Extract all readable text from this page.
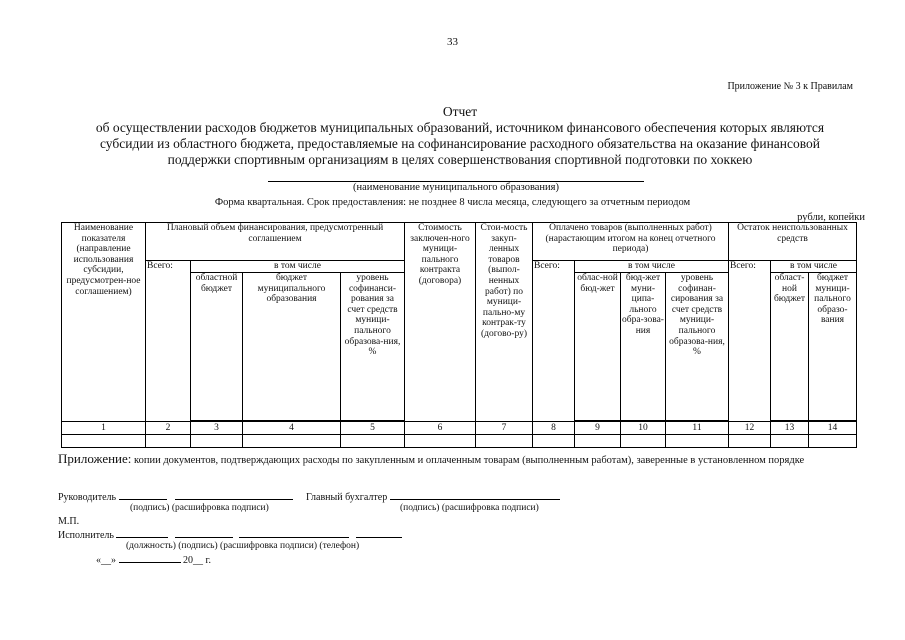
33
Приложение № 3 к Правилам
Отчет
об осуществлении расходов бюджетов муниципальных образований, источником финансового обеспечения которых являются
субсидии из областного бюджета, предоставляемые на софинансирование расходного обязательства на оказание финансовой
поддержки спортивным организациям в целях совершенствования спортивной подготовки по хоккею
(наименование муниципального образования)
Форма квартальная. Срок предоставления: не позднее 8 числа месяца, следующего за отчетным периодом
рубли, копейки
Наименование показателя (направление использования субсидии, предусмотрен-ное соглашением)	Плановый объем финансирования, предусмотренный соглашением				Стоимость заключен-ного муници-пального контракта (договора)	Стои-мость закуп-ленных товаров (выпол-ненных работ) по муници-пально-му контрак-ту (догово-ру)	Оплачено товаров (выполненных работ) (нарастающим итогом на конец отчетного периода)				Остаток неиспользованных средств		
	Всего:	в том числе					Всего:	в том числе			Всего:	в том числе	
		областной бюджет	бюджет муниципального образования	уровень софинанси-рования за счет средств муници-пального образова-ния, %				облас-ной бюд-жет	бюд-жет муни-ципа-льного обра-зова-ния	уровень софинан-сирования за счет средств муници-пального образова-ния, %		област-ной бюджет	бюджет муници-пального образо-вания

1	2	3	4	5	6	7	8	9	10	11	12	13	14

Приложение: копии документов, подтверждающих расходы по закупленным и оплаченным товарам (выполненным работам), заверенные в установленном порядке
Руководитель	Главный бухгалтер
(подпись) (расшифровка подписи)	(подпись) (расшифровка подписи)
М.П.
Исполнитель
(должность) (подпись) (расшифровка подписи) (телефон)
«__»	20__ г.
